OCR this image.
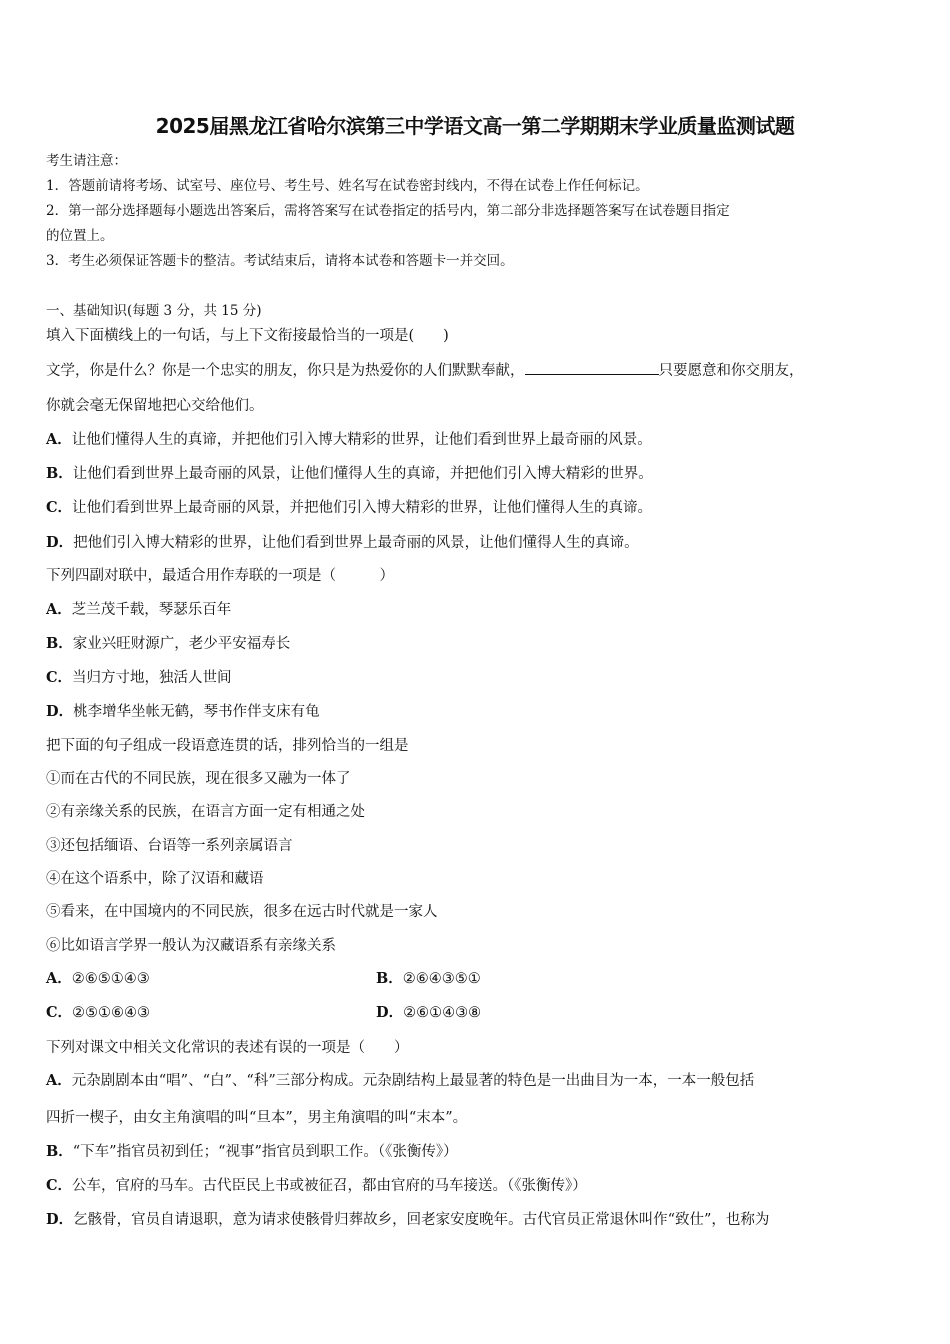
2025届黑龙江省哈尔滨第三中学语文高一第二学期期末学业质量监测试题
考生请注意：
1．答题前请将考场、试室号、座位号、考生号、姓名写在试卷密封线内，不得在试卷上作任何标记。
2．第一部分选择题每小题选出答案后，需将答案写在试卷指定的括号内，第二部分非选择题答案写在试卷题目指定
的位置上。
3．考生必须保证答题卡的整洁。考试结束后，请将本试卷和答题卡一并交回。
一、基础知识(每题 3 分，共 15 分)
填入下面横线上的一句话，与上下文衔接最恰当的一项是(　　)
文学，你是什么？你是一个忠实的朋友，你只是为热爱你的人们默默奉献，	只要愿意和你交朋友，
你就会毫无保留地把心交给他们。
A．让他们懂得人生的真谛，并把他们引入博大精彩的世界，让他们看到世界上最奇丽的风景。
B．让他们看到世界上最奇丽的风景，让他们懂得人生的真谛，并把他们引入博大精彩的世界。
C．让他们看到世界上最奇丽的风景，并把他们引入博大精彩的世界，让他们懂得人生的真谛。
D．把他们引入博大精彩的世界，让他们看到世界上最奇丽的风景，让他们懂得人生的真谛。
下列四副对联中，最适合用作寿联的一项是（　　　）
A．芝兰茂千载，琴瑟乐百年
B．家业兴旺财源广，老少平安福寿长
C．当归方寸地，独活人世间
D．桃李增华坐帐无鹤，琴书作伴支床有龟
把下面的句子组成一段语意连贯的话，排列恰当的一组是
①而在古代的不同民族，现在很多又融为一体了
②有亲缘关系的民族，在语言方面一定有相通之处
③还包括缅语、台语等一系列亲属语言
④在这个语系中，除了汉语和藏语
⑤看来，在中国境内的不同民族，很多在远古时代就是一家人
⑥比如语言学界一般认为汉藏语系有亲缘关系
A．②⑥⑤①④③	B．②⑥④③⑤①
C．②⑤①⑥④③	D．②⑥①④③⑧
下列对课文中相关文化常识的表述有误的一项是（　　）
A．元杂剧剧本由“唱”、“白”、“科”三部分构成。元杂剧结构上最显著的特色是一出曲目为一本，一本一般包括
四折一楔子，由女主角演唱的叫“旦本”，男主角演唱的叫“末本”。
B．“下车”指官员初到任；“视事”指官员到职工作。（《张衡传》）
C．公车，官府的马车。古代臣民上书或被征召，都由官府的马车接送。（《张衡传》）
D．乞骸骨，官员自请退职，意为请求使骸骨归葬故乡，回老家安度晚年。古代官员正常退休叫作“致仕”，也称为
